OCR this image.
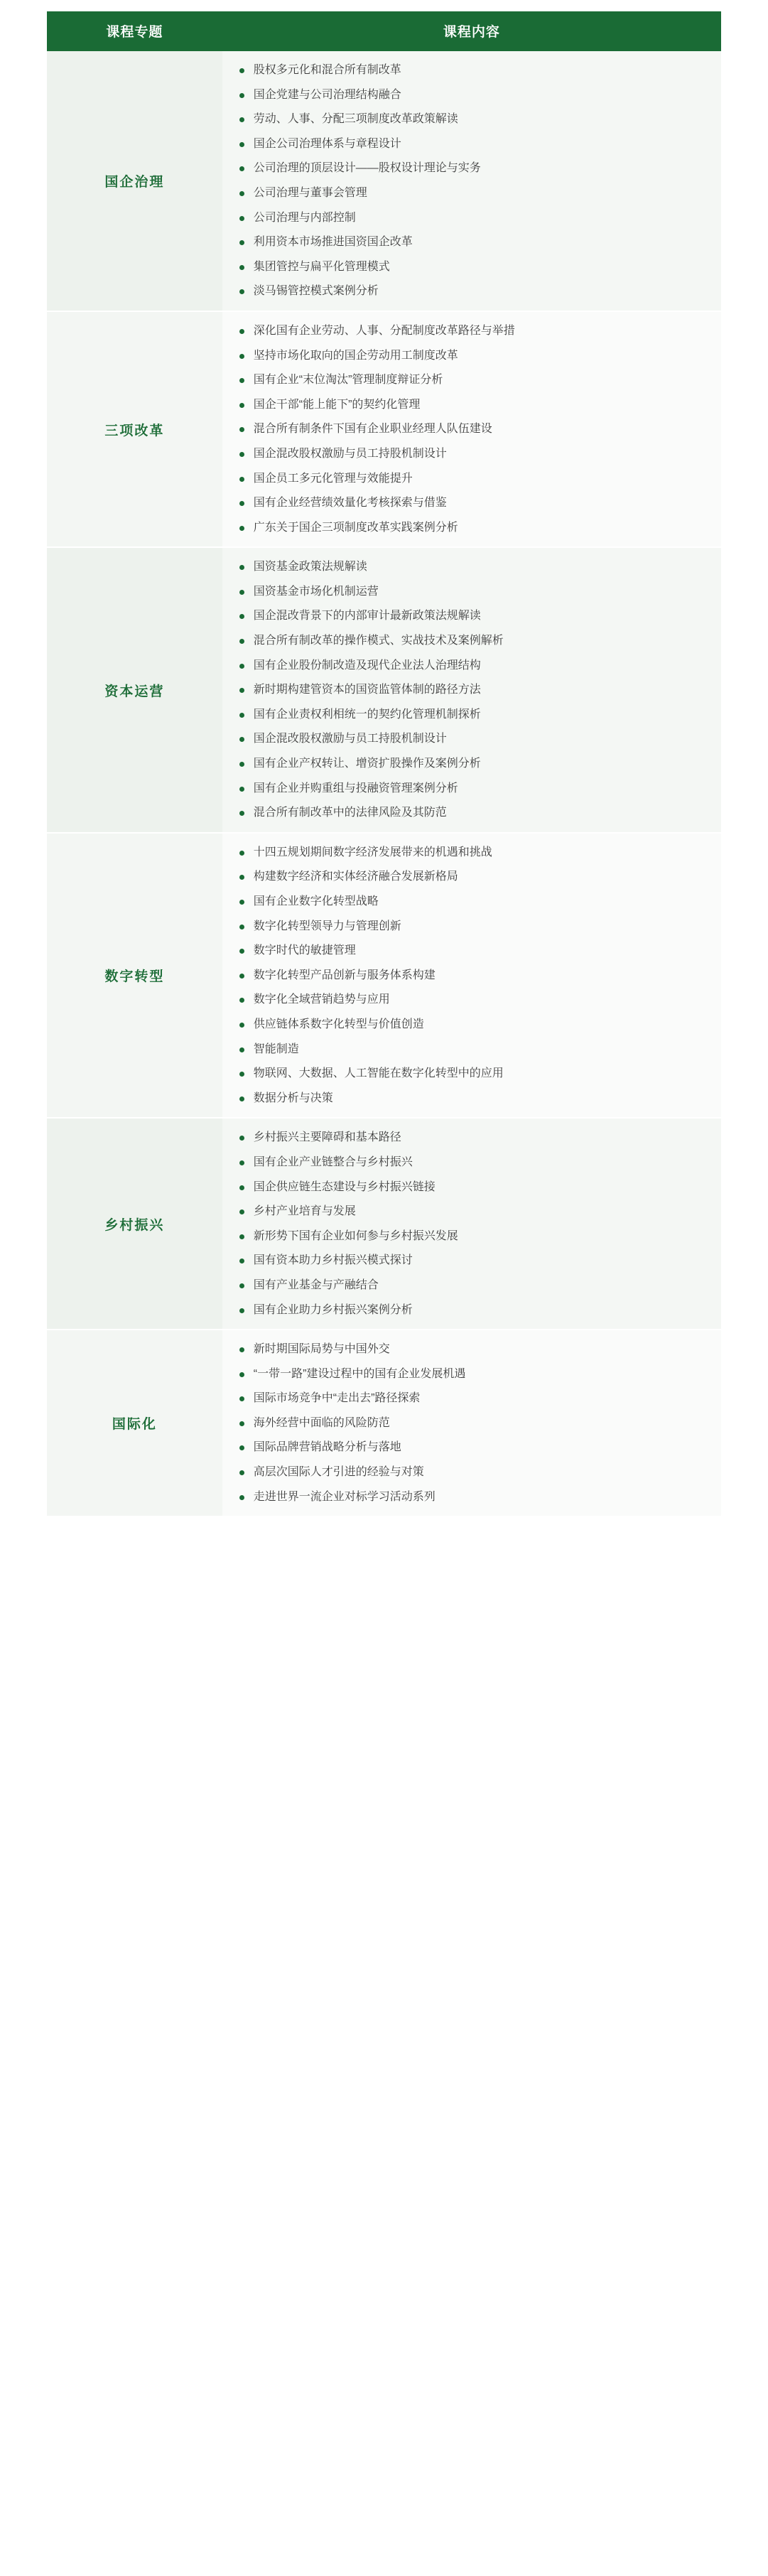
课程专题	课程内容
国企治理	
股权多元化和混合所有制改革
国企党建与公司治理结构融合
劳动、人事、分配三项制度改革政策解读
国企公司治理体系与章程设计
公司治理的顶层设计——股权设计理论与实务
公司治理与董事会管理
公司治理与内部控制
利用资本市场推进国资国企改革
集团管控与扁平化管理模式
淡马锡管控模式案例分析

三项改革	
深化国有企业劳动、人事、分配制度改革路径与举措
坚持市场化取向的国企劳动用工制度改革
国有企业“末位淘汰”管理制度辩证分析
国企干部“能上能下”的契约化管理
混合所有制条件下国有企业职业经理人队伍建设
国企混改股权激励与员工持股机制设计
国企员工多元化管理与效能提升
国有企业经营绩效量化考核探索与借鉴
广东关于国企三项制度改革实践案例分析

资本运营	
国资基金政策法规解读
国资基金市场化机制运营
国企混改背景下的内部审计最新政策法规解读
混合所有制改革的操作模式、实战技术及案例解析
国有企业股份制改造及现代企业法人治理结构
新时期构建管资本的国资监管体制的路径方法
国有企业责权利相统一的契约化管理机制探析
国企混改股权激励与员工持股机制设计
国有企业产权转让、增资扩股操作及案例分析
国有企业并购重组与投融资管理案例分析
混合所有制改革中的法律风险及其防范

数字转型	
十四五规划期间数字经济发展带来的机遇和挑战
构建数字经济和实体经济融合发展新格局
国有企业数字化转型战略
数字化转型领导力与管理创新
数字时代的敏捷管理
数字化转型产品创新与服务体系构建
数字化全域营销趋势与应用
供应链体系数字化转型与价值创造
智能制造
物联网、大数据、人工智能在数字化转型中的应用
数据分析与决策

乡村振兴	
乡村振兴主要障碍和基本路径
国有企业产业链整合与乡村振兴
国企供应链生态建设与乡村振兴链接
乡村产业培育与发展
新形势下国有企业如何参与乡村振兴发展
国有资本助力乡村振兴模式探讨
国有产业基金与产融结合
国有企业助力乡村振兴案例分析

国际化	
新时期国际局势与中国外交
“一带一路”建设过程中的国有企业发展机遇
国际市场竞争中“走出去”路径探索
海外经营中面临的风险防范
国际品牌营销战略分析与落地
高层次国际人才引进的经验与对策
走进世界一流企业对标学习活动系列
